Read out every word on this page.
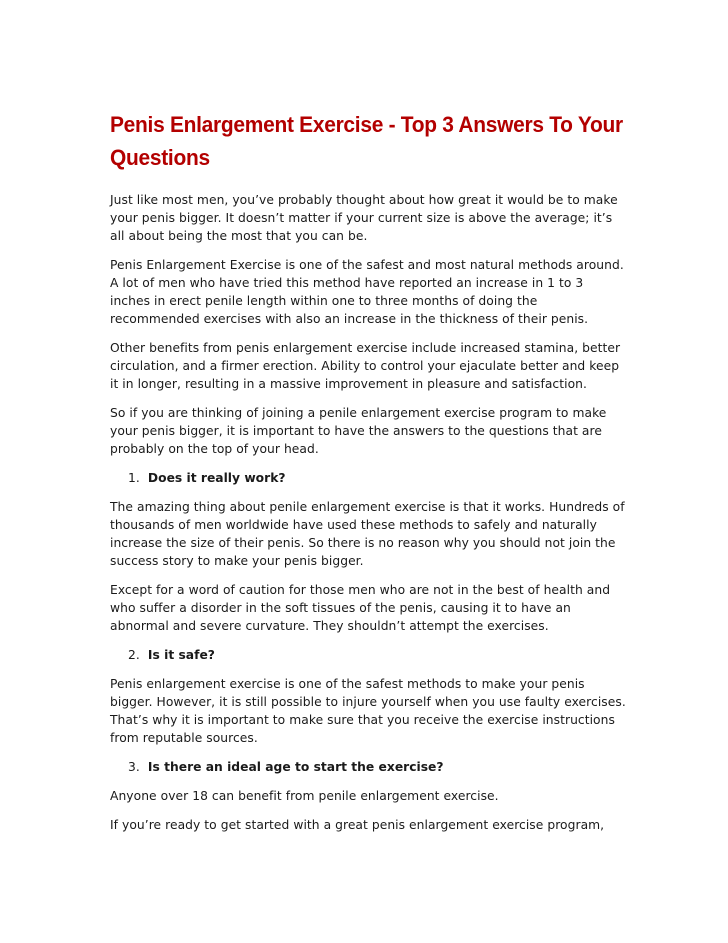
Penis Enlargement Exercise - Top 3 Answers To Your Questions

Just like most men, you’ve probably thought about how great it would be to make your penis bigger. It doesn’t matter if your current size is above the average; it’s all about being the most that you can be.

Penis Enlargement Exercise is one of the safest and most natural methods around. A lot of men who have tried this method have reported an increase in 1 to 3 inches in erect penile length within one to three months of doing the recommended exercises with also an increase in the thickness of their penis.

Other benefits from penis enlargement exercise include increased stamina, better circulation, and a firmer erection. Ability to control your ejaculate better and keep it in longer, resulting in a massive improvement in pleasure and satisfaction.

So if you are thinking of joining a penile enlargement exercise program to make your penis bigger, it is important to have the answers to the questions that are probably on the top of your head.

1. Does it really work?

The amazing thing about penile enlargement exercise is that it works. Hundreds of thousands of men worldwide have used these methods to safely and naturally increase the size of their penis. So there is no reason why you should not join the success story to make your penis bigger.

Except for a word of caution for those men who are not in the best of health and who suffer a disorder in the soft tissues of the penis, causing it to have an abnormal and severe curvature. They shouldn’t attempt the exercises.

2. Is it safe?

Penis enlargement exercise is one of the safest methods to make your penis bigger. However, it is still possible to injure yourself when you use faulty exercises. That’s why it is important to make sure that you receive the exercise instructions from reputable sources.

3. Is there an ideal age to start the exercise?

Anyone over 18 can benefit from penile enlargement exercise.

If you’re ready to get started with a great penis enlargement exercise program,
